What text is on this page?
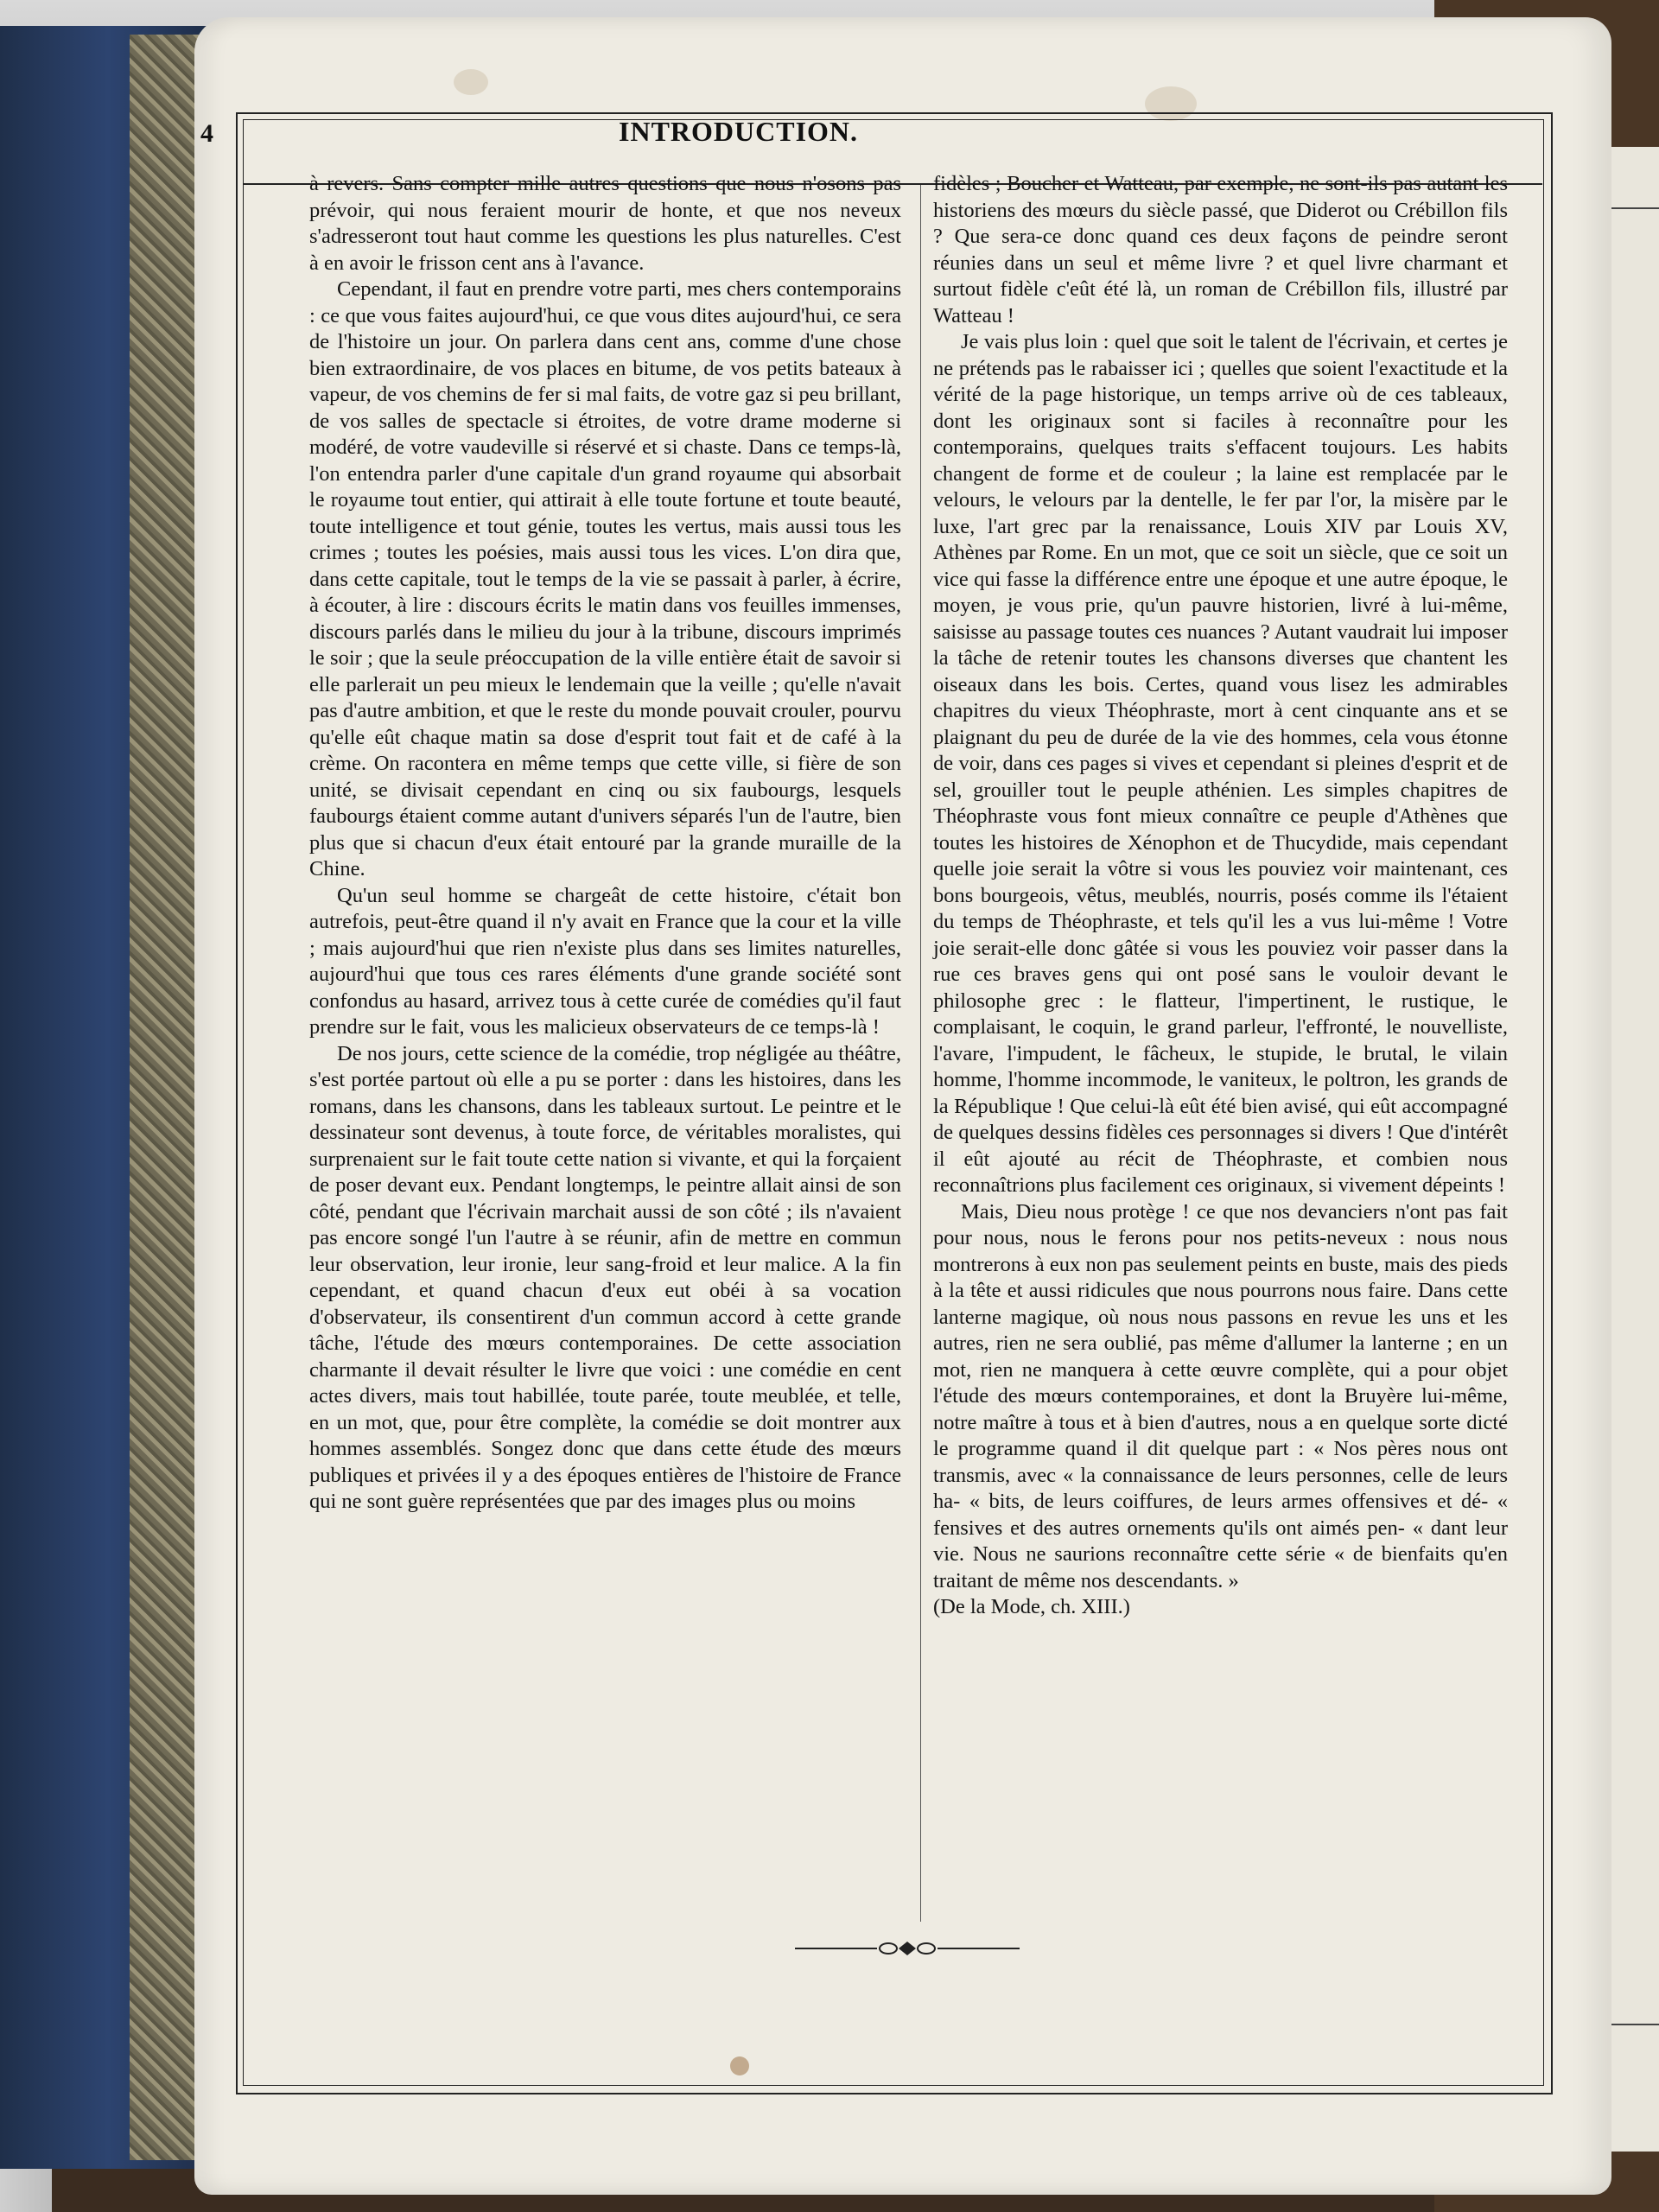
4	INTRODUCTION.

à revers. Sans compter mille autres questions que nous n'osons pas prévoir, qui nous feraient mourir de honte, et que nos neveux s'adresseront tout haut comme les questions les plus naturelles. C'est à en avoir le frisson cent ans à l'avance.

Cependant, il faut en prendre votre parti, mes chers contemporains : ce que vous faites aujourd'hui, ce que vous dites aujourd'hui, ce sera de l'histoire un jour. On parlera dans cent ans, comme d'une chose bien extraordinaire, de vos places en bitume, de vos petits bateaux à vapeur, de vos chemins de fer si mal faits, de votre gaz si peu brillant, de vos salles de spectacle si étroites, de votre drame moderne si modéré, de votre vaudeville si réservé et si chaste. Dans ce temps-là, l'on entendra parler d'une capitale d'un grand royaume qui absorbait le royaume tout entier, qui attirait à elle toute fortune et toute beauté, toute intelligence et tout génie, toutes les vertus, mais aussi tous les crimes ; toutes les poésies, mais aussi tous les vices. L'on dira que, dans cette capitale, tout le temps de la vie se passait à parler, à écrire, à écouter, à lire : discours écrits le matin dans vos feuilles immenses, discours parlés dans le milieu du jour à la tribune, discours imprimés le soir ; que la seule préoccupation de la ville entière était de savoir si elle parlerait un peu mieux le lendemain que la veille ; qu'elle n'avait pas d'autre ambition, et que le reste du monde pouvait crouler, pourvu qu'elle eût chaque matin sa dose d'esprit tout fait et de café à la crème. On racontera en même temps que cette ville, si fière de son unité, se divisait cependant en cinq ou six faubourgs, lesquels faubourgs étaient comme autant d'univers séparés l'un de l'autre, bien plus que si chacun d'eux était entouré par la grande muraille de la Chine.

Qu'un seul homme se chargeât de cette histoire, c'était bon autrefois, peut-être quand il n'y avait en France que la cour et la ville ; mais aujourd'hui que rien n'existe plus dans ses limites naturelles, aujourd'hui que tous ces rares éléments d'une grande société sont confondus au hasard, arrivez tous à cette curée de comédies qu'il faut prendre sur le fait, vous les malicieux observateurs de ce temps-là !

De nos jours, cette science de la comédie, trop négligée au théâtre, s'est portée partout où elle a pu se porter : dans les histoires, dans les romans, dans les chansons, dans les tableaux surtout. Le peintre et le dessinateur sont devenus, à toute force, de véritables moralistes, qui surprenaient sur le fait toute cette nation si vivante, et qui la forçaient de poser devant eux. Pendant longtemps, le peintre allait ainsi de son côté, pendant que l'écrivain marchait aussi de son côté ; ils n'avaient pas encore songé l'un l'autre à se réunir, afin de mettre en commun leur observation, leur ironie, leur sang-froid et leur malice. A la fin cependant, et quand chacun d'eux eut obéi à sa vocation d'observateur, ils consentirent d'un commun accord à cette grande tâche, l'étude des mœurs contemporaines. De cette association charmante il devait résulter le livre que voici : une comédie en cent actes divers, mais tout habillée, toute parée, toute meublée, et telle, en un mot, que, pour être complète, la comédie se doit montrer aux hommes assemblés. Songez donc que dans cette étude des mœurs publiques et privées il y a des époques entières de l'histoire de France qui ne sont guère représentées que par des images plus ou moins

fidèles ; Boucher et Watteau, par exemple, ne sont-ils pas autant les historiens des mœurs du siècle passé, que Diderot ou Crébillon fils ? Que sera-ce donc quand ces deux façons de peindre seront réunies dans un seul et même livre ? et quel livre charmant et surtout fidèle c'eût été là, un roman de Crébillon fils, illustré par Watteau !

Je vais plus loin : quel que soit le talent de l'écrivain, et certes je ne prétends pas le rabaisser ici ; quelles que soient l'exactitude et la vérité de la page historique, un temps arrive où de ces tableaux, dont les originaux sont si faciles à reconnaître pour les contemporains, quelques traits s'effacent toujours. Les habits changent de forme et de couleur ; la laine est remplacée par le velours, le velours par la dentelle, le fer par l'or, la misère par le luxe, l'art grec par la renaissance, Louis XIV par Louis XV, Athènes par Rome. En un mot, que ce soit un siècle, que ce soit un vice qui fasse la différence entre une époque et une autre époque, le moyen, je vous prie, qu'un pauvre historien, livré à lui-même, saisisse au passage toutes ces nuances ? Autant vaudrait lui imposer la tâche de retenir toutes les chansons diverses que chantent les oiseaux dans les bois. Certes, quand vous lisez les admirables chapitres du vieux Théophraste, mort à cent cinquante ans et se plaignant du peu de durée de la vie des hommes, cela vous étonne de voir, dans ces pages si vives et cependant si pleines d'esprit et de sel, grouiller tout le peuple athénien. Les simples chapitres de Théophraste vous font mieux connaître ce peuple d'Athènes que toutes les histoires de Xénophon et de Thucydide, mais cependant quelle joie serait la vôtre si vous les pouviez voir maintenant, ces bons bourgeois, vêtus, meublés, nourris, posés comme ils l'étaient du temps de Théophraste, et tels qu'il les a vus lui-même ! Votre joie serait-elle donc gâtée si vous les pouviez voir passer dans la rue ces braves gens qui ont posé sans le vouloir devant le philosophe grec : le flatteur, l'impertinent, le rustique, le complaisant, le coquin, le grand parleur, l'effronté, le nouvelliste, l'avare, l'impudent, le fâcheux, le stupide, le brutal, le vilain homme, l'homme incommode, le vaniteux, le poltron, les grands de la République ! Que celui-là eût été bien avisé, qui eût accompagné de quelques dessins fidèles ces personnages si divers ! Que d'intérêt il eût ajouté au récit de Théophraste, et combien nous reconnaîtrions plus facilement ces originaux, si vivement dépeints !

Mais, Dieu nous protège ! ce que nos devanciers n'ont pas fait pour nous, nous le ferons pour nos petits-neveux : nous nous montrerons à eux non pas seulement peints en buste, mais des pieds à la tête et aussi ridicules que nous pourrons nous faire. Dans cette lanterne magique, où nous nous passons en revue les uns et les autres, rien ne sera oublié, pas même d'allumer la lanterne ; en un mot, rien ne manquera à cette œuvre complète, qui a pour objet l'étude des mœurs contemporaines, et dont la Bruyère lui-même, notre maître à tous et à bien d'autres, nous a en quelque sorte dicté le programme quand il dit quelque part : « Nos pères nous ont transmis, avec « la connaissance de leurs personnes, celle de leurs ha- « bits, de leurs coiffures, de leurs armes offensives et dé- « fensives et des autres ornements qu'ils ont aimés pen- « dant leur vie. Nous ne saurions reconnaître cette série « de bienfaits qu'en traitant de même nos descendants. »

(De la Mode, ch. XIII.)
